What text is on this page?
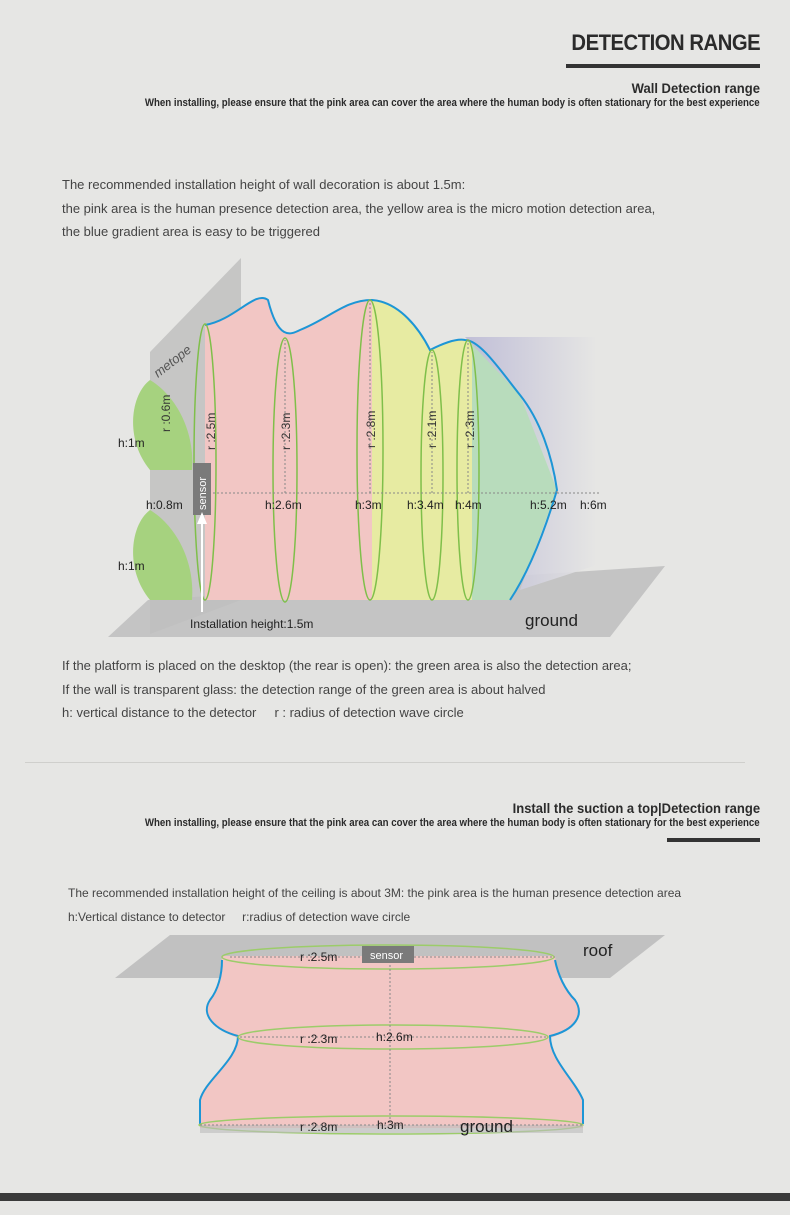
DETECTION RANGE
Wall Detection range
When installing, please ensure that the pink area can cover the area where the human body is often stationary for the best experience
The recommended installation height of wall decoration is about 1.5m:
the pink area is the human presence detection area, the yellow area is the micro motion detection area,
the blue gradient area is easy to be triggered
sensor
metope
r :0.6m	r :2.5m	r :2.3m	r :2.8m	r :2.1m r :2.3m
h:1m
h:0.8m
h:1m
h:2.6m	h:3m h:3.4m h:4m	h:5.2m h:6m
Installation height:1.5m	ground
If the platform is placed on the desktop (the rear is open): the green area is also the detection area;
If the wall is transparent glass: the detection range of the green area is about halved
h: vertical distance to the detector     r : radius of detection wave circle
Install the suction a top|Detection range
When installing, please ensure that the pink area can cover the area where the human body is often stationary for the best experience
The recommended installation height of the ceiling is about 3M: the pink area is the human presence detection area
h:Vertical distance to detector     r:radius of detection wave circle
sensor	roof
r :2.5m
r :2.3m	h:2.6m
r :2.8m	h:3m	ground
